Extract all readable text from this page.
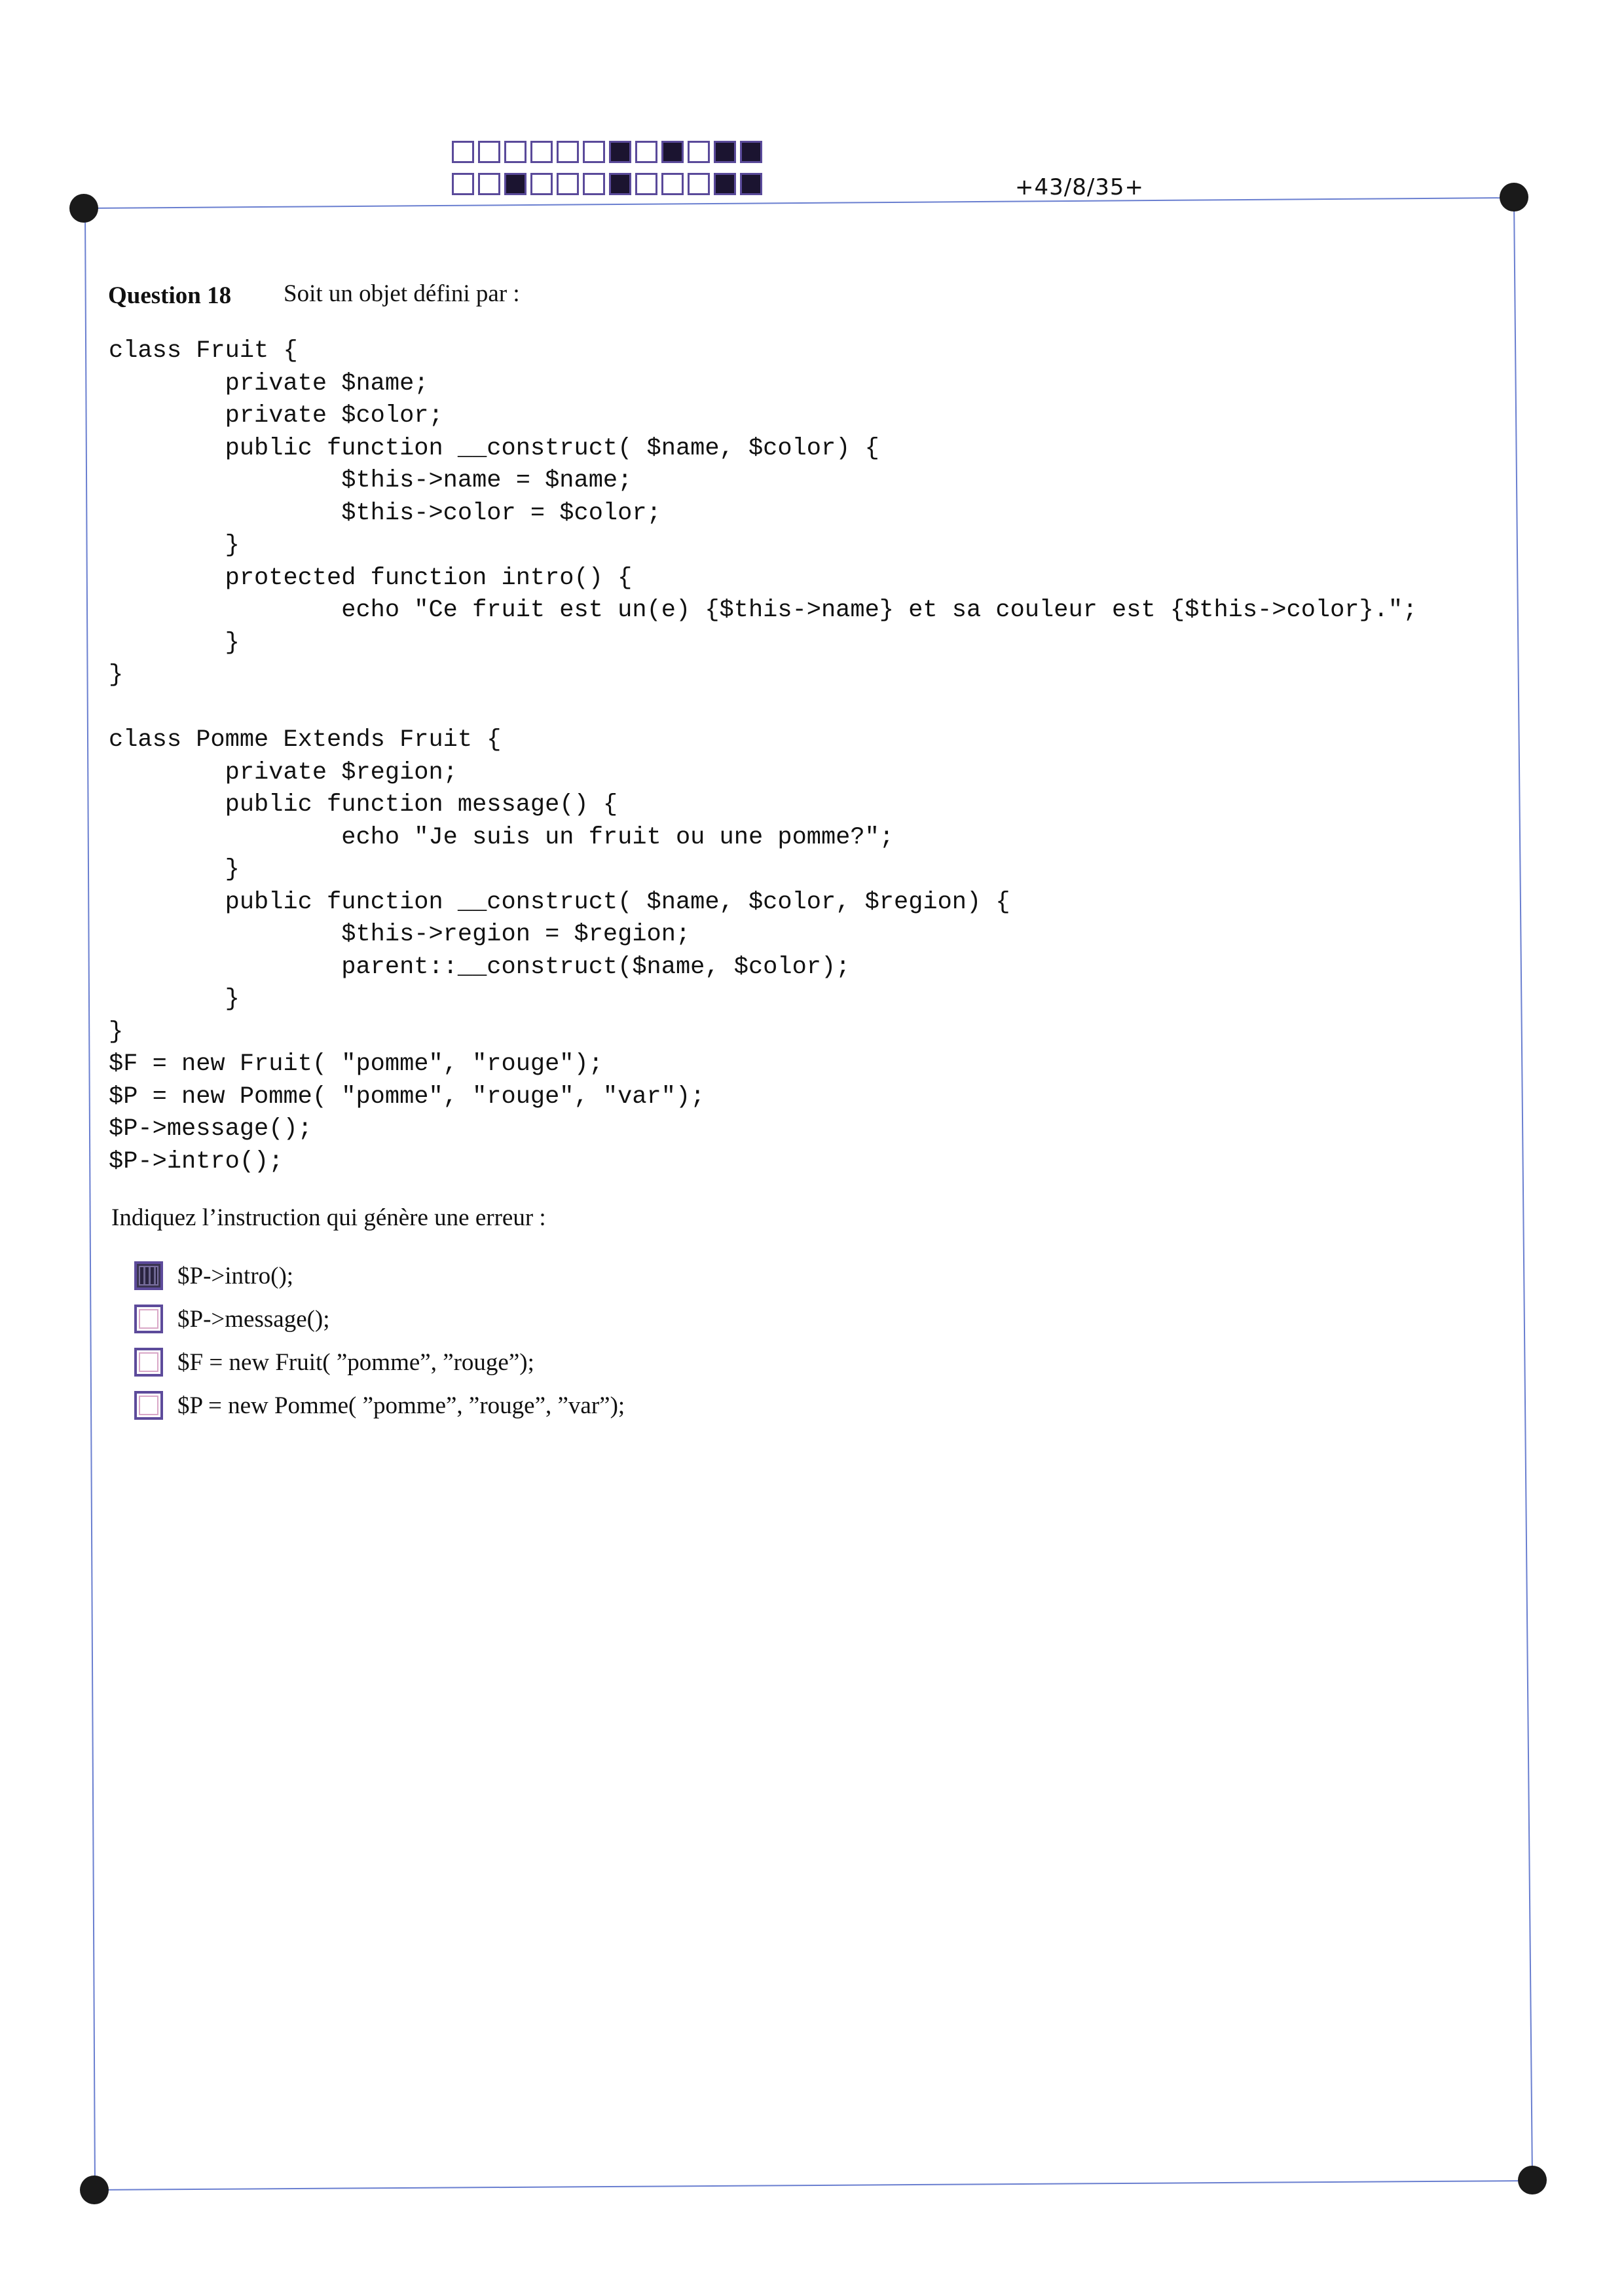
+43/8/35+
Question 18 Soit un objet défini par :
class Fruit {
private $name;
private $color;
public function __construct( $name, $color) {
$this->name = $name;
$this->color = $color;
}
protected function intro() {
echo "Ce fruit est un(e) {$this->name} et sa couleur est {$this->color}.";
}
}

class Pomme Extends Fruit {
private $region;
public function message() {
echo "Je suis un fruit ou une pomme?";
}
public function __construct( $name, $color, $region) {
$this->region = $region;
parent::__construct($name, $color);
}
}
$F = new Fruit( "pomme", "rouge");
$P = new Pomme( "pomme", "rouge", "var");
$P->message();
$P->intro();
Indiquez l’instruction qui génère une erreur :
$P->intro();
$P->message();
$F = new Fruit( ”pomme”, ”rouge”);
$P = new Pomme( ”pomme”, ”rouge”, ”var”);
